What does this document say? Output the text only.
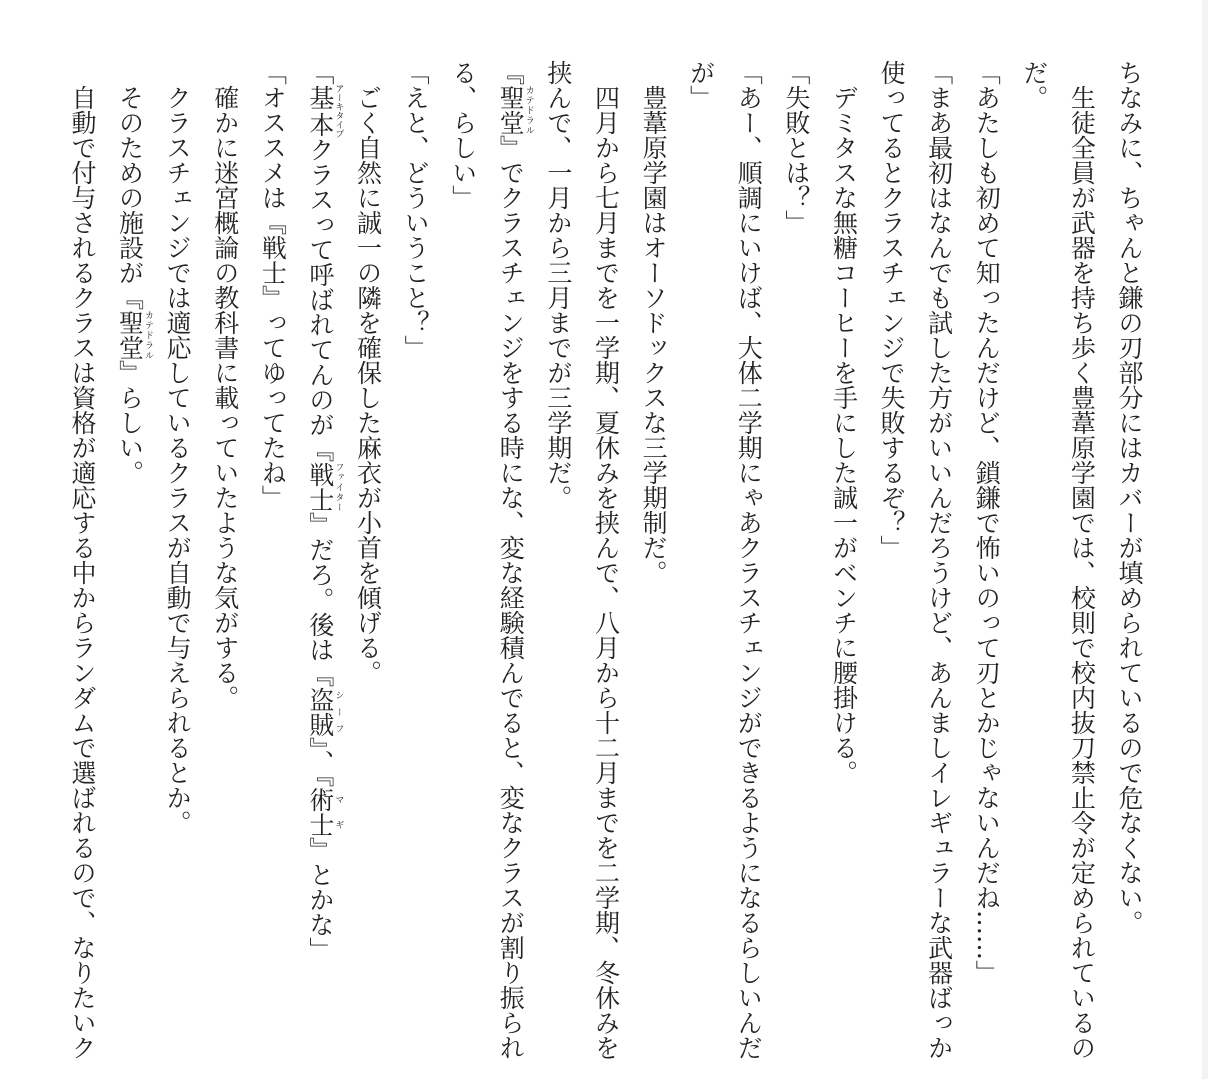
ちなみに、ちゃんと鎌の刃部分にはカバーが填められているので危なくない。

　生徒全員が武器を持ち歩く豊葦原学園では、校則で校内抜刀禁止令が定められているの

だ。

「あたしも初めて知ったんだけど、鎖鎌で怖いのって刃とかじゃないんだね……」

「まあ最初はなんでも試した方がいいんだろうけど、あんましイレギュラーな武器ばっか

使ってるとクラスチェンジで失敗するぞ？」

　デミタスな無糖コーヒーを手にした誠一がベンチに腰掛ける。

「失敗とは？」

「あー、順調にいけば、大体二学期にゃあクラスチェンジができるようになるらしいんだ

が」

　豊葦原学園はオーソドックスな三学期制だ。

　四月から七月までを一学期、夏休みを挟んで、八月から十二月までを二学期、冬休みを

挟んで、一月から三月までが三学期だ。

『聖堂カテドラル』でクラスチェンジをする時にな、変な経験積んでると、変なクラスが割り振られ

る、らしい」

「えと、どういうこと？」

　ごく自然に誠一の隣を確保した麻衣が小首を傾げる。

「基本アーキタイプクラスって呼ばれてんのが『戦士ファイター』だろ。後は『盗賊シーフ』、『術士マギ』とかな」

「オススメは『戦士』ってゆってたね」

　確かに迷宮概論の教科書に載っていたような気がする。

　クラスチェンジでは適応しているクラスが自動で与えられるとか。

　そのための施設が『聖堂カテドラル』らしい。

　自動で付与されるクラスは資格が適応する中からランダムで選ばれるので、なりたいク
